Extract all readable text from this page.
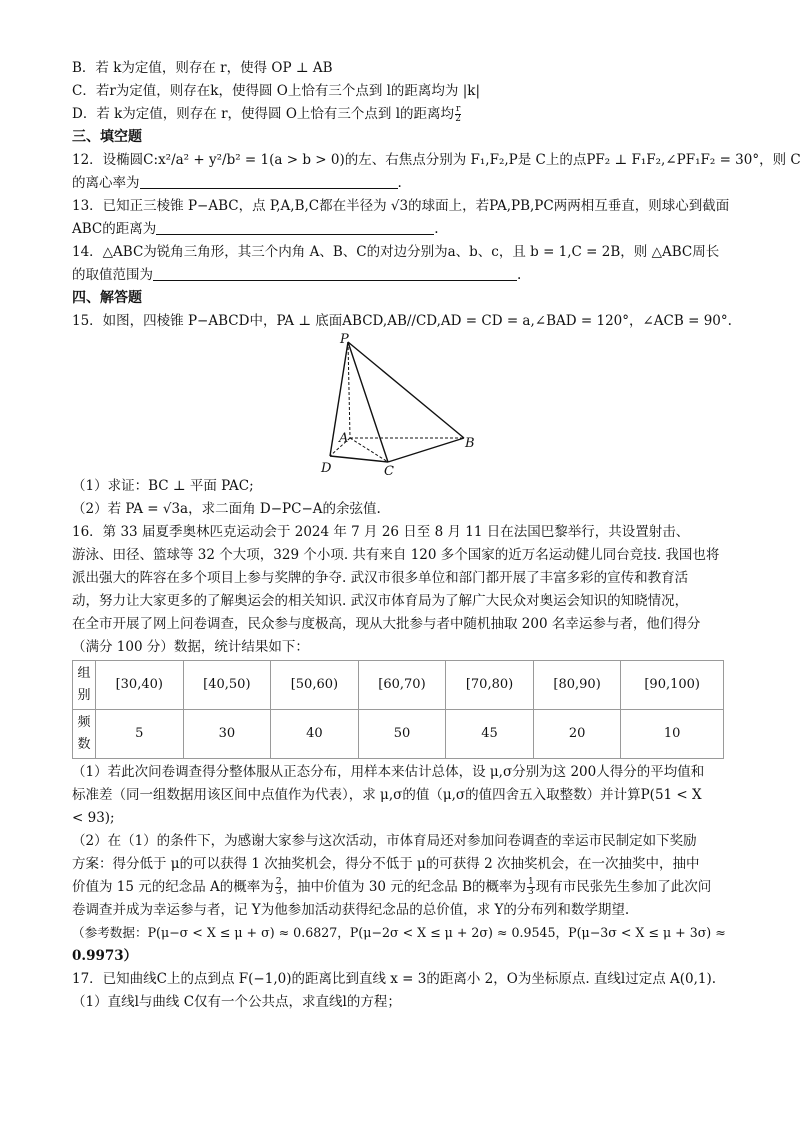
B．若 k为定值，则存在 r，使得 OP ⊥ AB
C．若r为定值，则存在k，使得圆 O上恰有三个点到 l的距离均为 |k|
D．若 k为定值，则存在 r，使得圆 O上恰有三个点到 l的距离均 $\frac{r}{2}$
三、填空题
12．设椭圆C:x²/a² + y²/b² = 1(a > b > 0)的左、右焦点分别为 F₁,F₂,P是 C上的点PF₂ ⊥ F₁F₂,∠PF₁F₂ = 30°，则 C
的离心率为	.
13．已知正三棱锥 P−ABC，点 P,A,B,C都在半径为 √3的球面上，若PA,PB,PC两两相互垂直，则球心到截面
ABC的距离为	.
14．△ABC为锐角三角形，其三个内角 A、B、C的对边分别为a、b、c，且 b = 1,C = 2B，则 △ABC周长
的取值范围为	.
四、解答题
15．如图，四棱锥 P−ABCD中，PA ⊥ 底面ABCD,AB//CD,AD = CD = a,∠BAD = 120°，∠ACB = 90°.
P
A	B
C
D
（1）求证：BC ⊥ 平面 PAC;
（2）若 PA = √3a，求二面角 D−PC−A的余弦值.
16．第 33 届夏季奥林匹克运动会于 2024 年 7 月 26 日至 8 月 11 日在法国巴黎举行，共设置射击、
游泳、田径、篮球等 32 个大项，329 个小项. 共有来自 120 多个国家的近万名运动健儿同台竞技. 我国也将
派出强大的阵容在多个项目上参与奖牌的争夺. 武汉市很多单位和部门都开展了丰富多彩的宣传和教育活
动，努力让大家更多的了解奥运会的相关知识. 武汉市体育局为了解广大民众对奥运会知识的知晓情况，
在全市开展了网上问卷调查，民众参与度极高，现从大批参与者中随机抽取 200 名幸运参与者，他们得分
（满分 100 分）数据，统计结果如下：
组
别	[30,40)	[40,50)	[50,60)	[60,70)	[70,80)	[80,90)	[90,100)
频
数	5	30	40	50	45	20	10
（1）若此次问卷调查得分整体服从正态分布，用样本来估计总体，设 μ,σ分别为这 200人得分的平均值和
标准差（同一组数据用该区间中点值作为代表），求 μ,σ的值（μ,σ的值四舍五入取整数）并计算P(51 < X
< 93);
（2）在（1）的条件下，为感谢大家参与这次活动，市体育局还对参加问卷调查的幸运市民制定如下奖励
方案：得分低于 μ的可以获得 1 次抽奖机会，得分不低于 μ的可获得 2 次抽奖机会，在一次抽奖中，抽中
价值为 15 元的纪念品 A的概率为 $\frac{2}{3}$ ，抽中价值为 30 元的纪念品 B的概率为 $\frac{1}{3}$ 现有市民张先生参加了此次问
卷调查并成为幸运参与者，记 Y为他参加活动获得纪念品的总价值，求 Y的分布列和数学期望.
（参考数据：P(μ−σ < X ≤ μ + σ) ≈ 0.6827，P(μ−2σ < X ≤ μ + 2σ) ≈ 0.9545，P(μ−3σ < X ≤ μ + 3σ) ≈
0.9973）
17．已知曲线C上的点到点 F(−1,0)的距离比到直线 x = 3的距离小 2，O为坐标原点. 直线l过定点 A(0,1).
（1）直线l与曲线 C仅有一个公共点，求直线l的方程；
